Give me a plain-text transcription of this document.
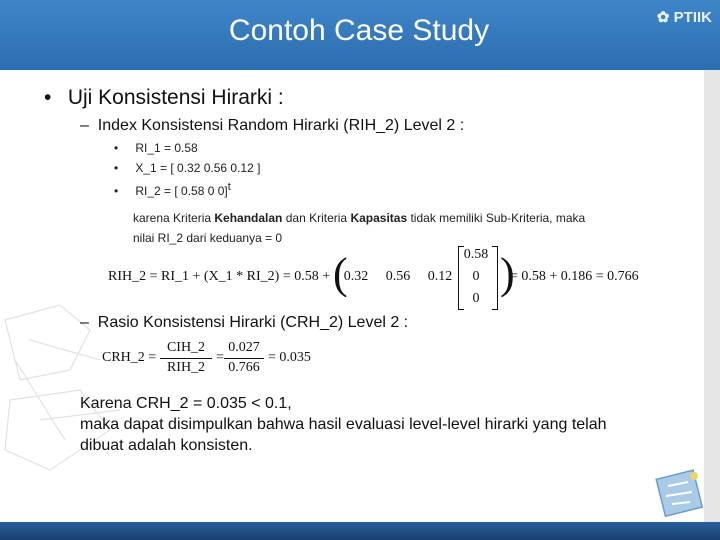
Contoh Case Study	✿ PTIIK
• Uji Konsistensi Hirarki :
– Index Konsistensi Random Hirarki (RIH_2) Level 2 :
• RI_1 = 0.58
• X_1 = [ 0.32 0.56 0.12 ]
• RI_2 = [ 0.58 0 0]$^t$
karena Kriteria Kehandalan dan Kriteria Kapasitas tidak memiliki Sub-Kriteria, maka
nilai RI_2 dari keduanya = 0
RIH_2 = RI_1 + (X_1 * RI_2) = 0.58 + (
0.32	0.56	0.12
0.58
0
0
)
= 0.58 + 0.186 = 0.766
– Rasio Konsistensi Hirarki (CRH_2) Level 2 :
CRH_2 =
CIH_2
RIH_2
=
0.027
0.766
= 0.035
Karena CRH_2 = 0.035 < 0.1,
maka dapat disimpulkan bahwa hasil evaluasi level-level hirarki yang telah
dibuat adalah konsisten.
